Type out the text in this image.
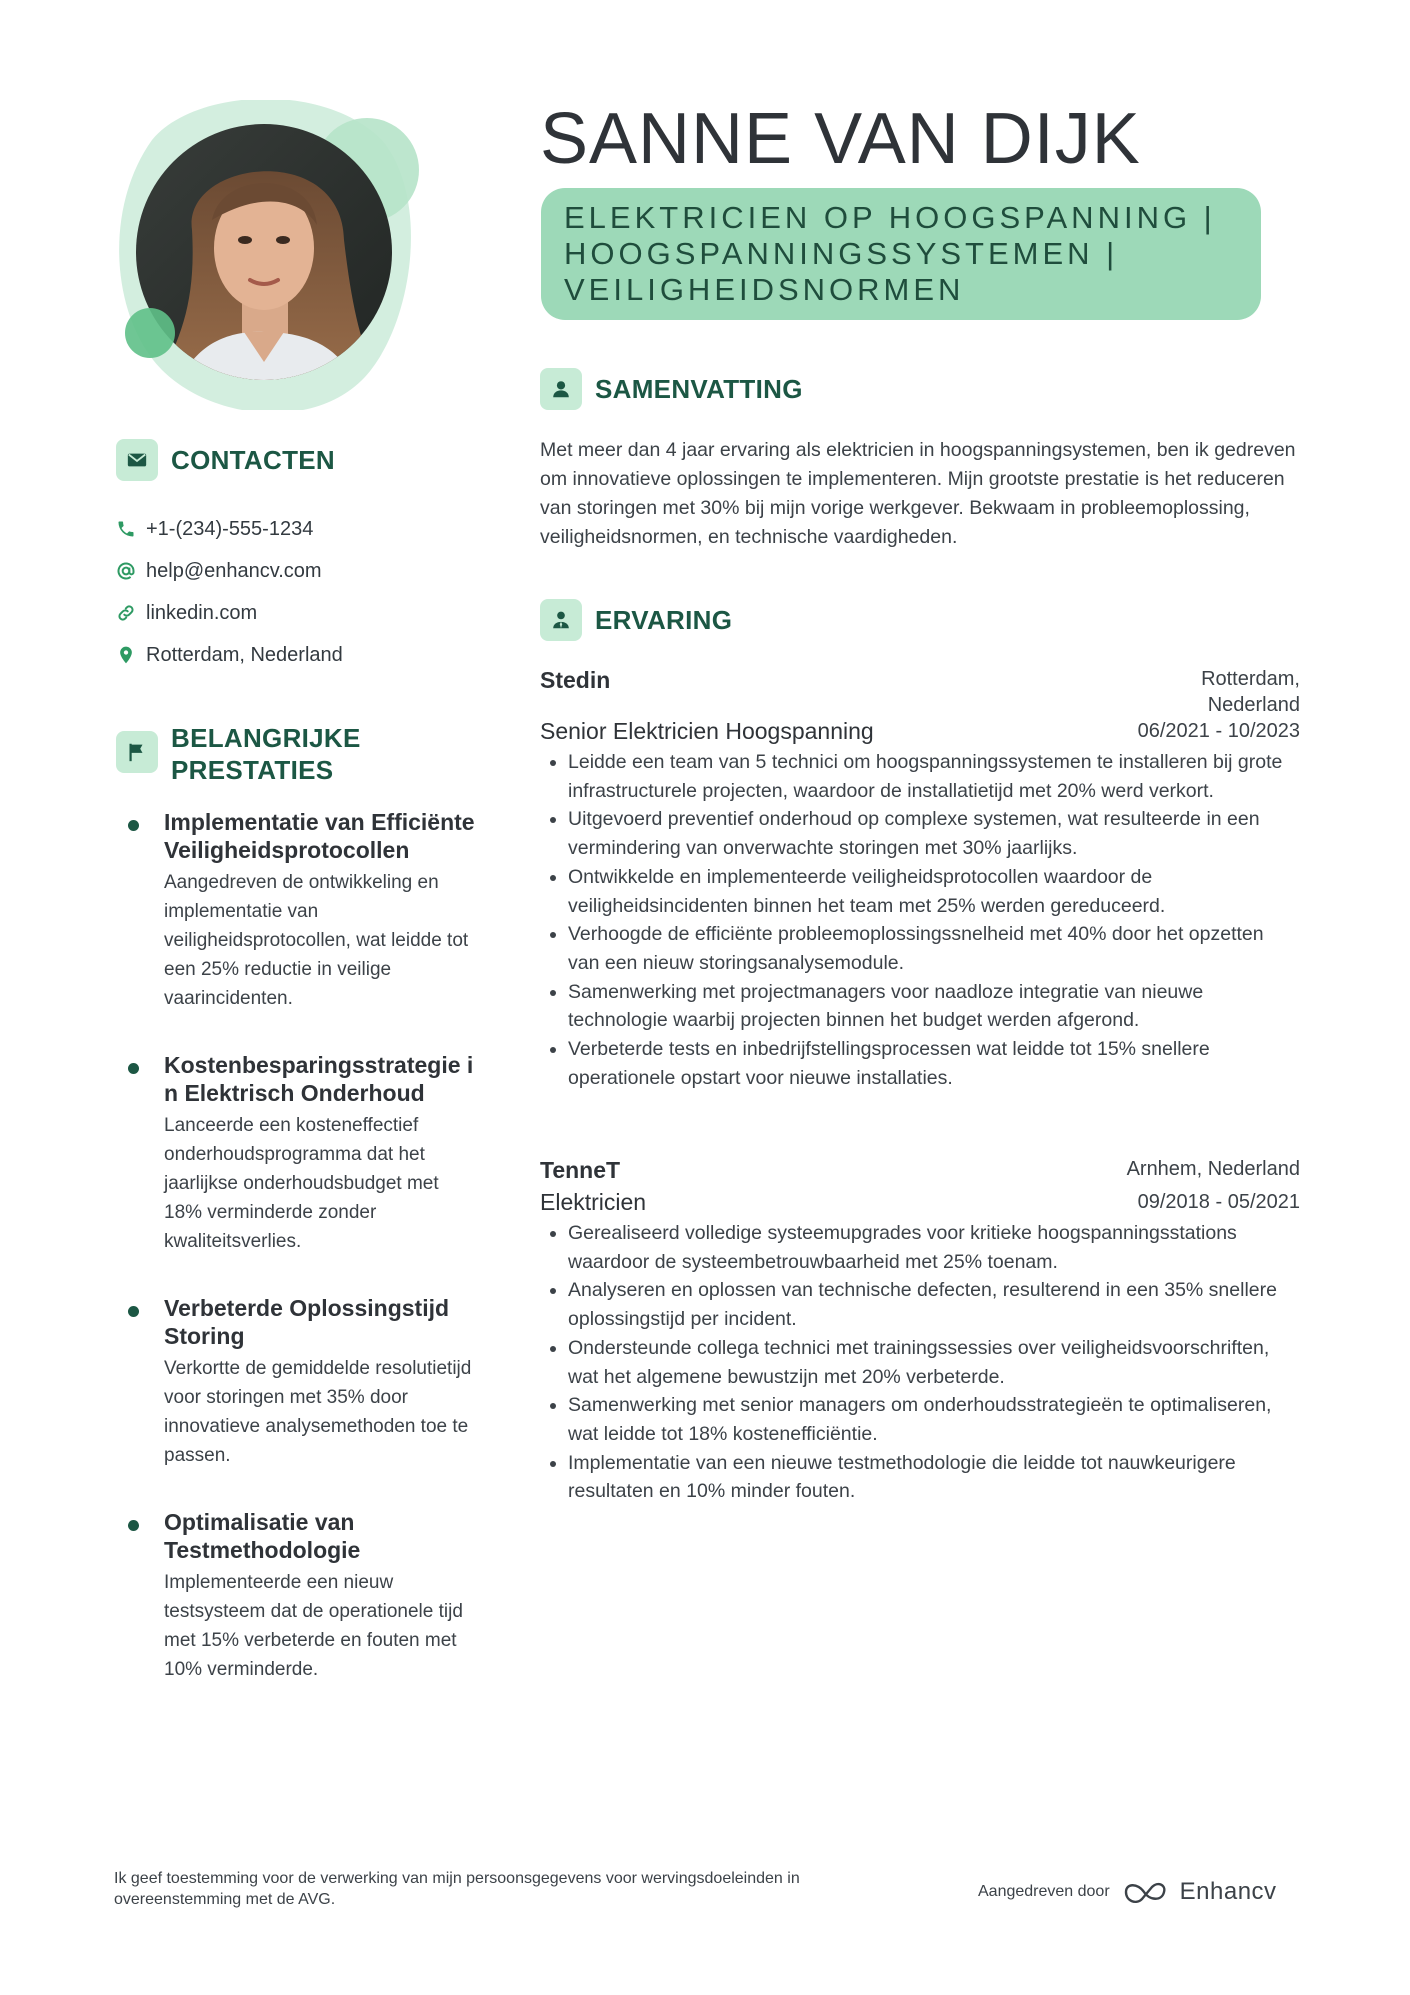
SANNE VAN DIJK
ELEKTRICIEN OP HOOGSPANNING | HOOGSPANNINGSSYSTEMEN | VEILIGHEIDSNORMEN
CONTACTEN
+1-(234)-555-1234
help@enhancv.com
linkedin.com
Rotterdam, Nederland
BELANGRIJKE PRESTATIES
Implementatie van Efficiënte Veiligheidsprotocollen
Aangedreven de ontwikkeling en implementatie van veiligheidsprotocollen, wat leidde tot een 25% reductie in veilige vaarincidenten.
Kostenbesparingsstrategie in Elektrisch Onderhoud
Lanceerde een kosteneffectief onderhoudsprogramma dat het jaarlijkse onderhoudsbudget met 18% verminderde zonder kwaliteitsverlies.
Verbeterde Oplossingstijd Storing
Verkortte de gemiddelde resolutietijd voor storingen met 35% door innovatieve analysemethoden toe te passen.
Optimalisatie van Testmethodologie
Implementeerde een nieuw testsysteem dat de operationele tijd met 15% verbeterde en fouten met 10% verminderde.
SAMENVATTING

Met meer dan 4 jaar ervaring als elektricien in hoogspanningsystemen, ben ik gedreven om innovatieve oplossingen te implementeren. Mijn grootste prestatie is het reduceren van storingen met 30% bij mijn vorige werkgever. Bekwaam in probleemoplossing, veiligheidsnormen, en technische vaardigheden.

ERVARING
Stedin	Rotterdam, Nederland
Senior Elektricien Hoogspanning	06/2021 - 10/2023
• Leidde een team van 5 technici om hoogspanningssystemen te installeren bij grote infrastructurele projecten, waardoor de installatietijd met 20% werd verkort.
• Uitgevoerd preventief onderhoud op complexe systemen, wat resulteerde in een vermindering van onverwachte storingen met 30% jaarlijks.
• Ontwikkelde en implementeerde veiligheidsprotocollen waardoor de veiligheidsincidenten binnen het team met 25% werden gereduceerd.
• Verhoogde de efficiënte probleemoplossingssnelheid met 40% door het opzetten van een nieuw storingsanalysemodule.
• Samenwerking met projectmanagers voor naadloze integratie van nieuwe technologie waarbij projecten binnen het budget werden afgerond.
• Verbeterde tests en inbedrijfstellingsprocessen wat leidde tot 15% snellere operationele opstart voor nieuwe installaties.
TenneT	Arnhem, Nederland
Elektricien	09/2018 - 05/2021
• Gerealiseerd volledige systeemupgrades voor kritieke hoogspanningsstations waardoor de systeembetrouwbaarheid met 25% toenam.
• Analyseren en oplossen van technische defecten, resulterend in een 35% snellere oplossingstijd per incident.
• Ondersteunde collega technici met trainingssessies over veiligheidsvoorschriften, wat het algemene bewustzijn met 20% verbeterde.
• Samenwerking met senior managers om onderhoudsstrategieën te optimaliseren, wat leidde tot 18% kostenefficiëntie.
• Implementatie van een nieuwe testmethodologie die leidde tot nauwkeurigere resultaten en 10% minder fouten.

Ik geef toestemming voor de verwerking van mijn persoonsgegevens voor wervingsdoeleinden in overeenstemming met de AVG.	Aangedreven door	Enhancv
